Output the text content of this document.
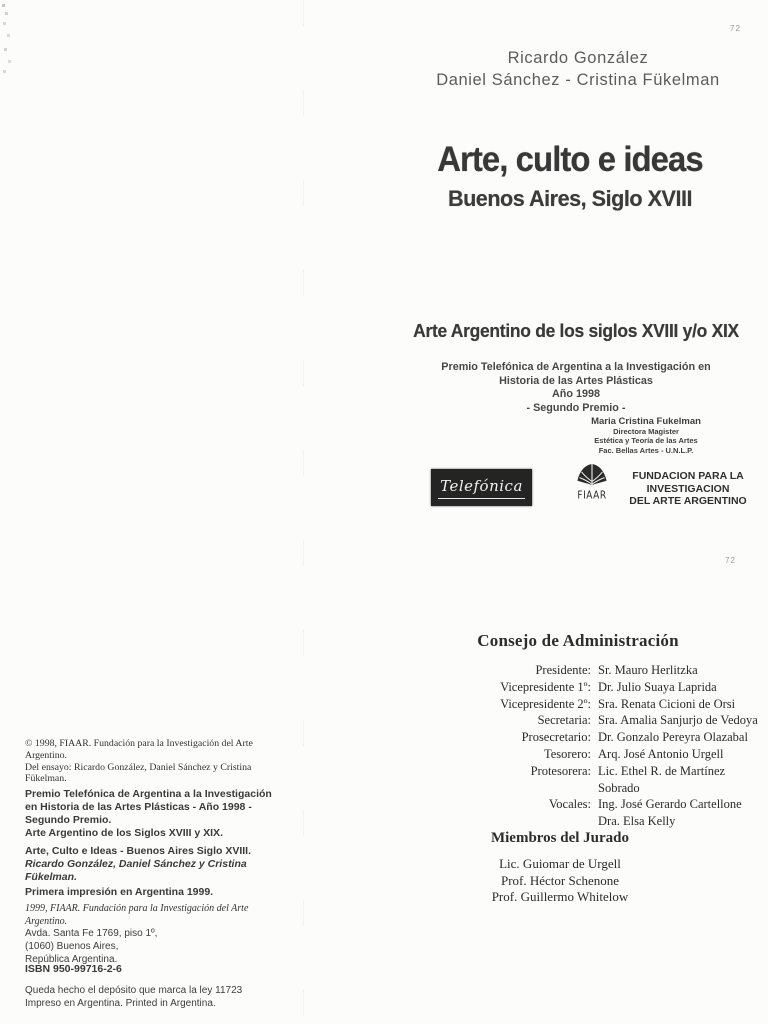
72
72
Ricardo González
Daniel Sánchez - Cristina Fükelman
Arte, culto e ideas
Buenos Aires, Siglo XVIII
Arte Argentino de los siglos XVIII y/o XIX
Premio Telefónica de Argentina a la Investigación en
Historia de las Artes Plásticas
Año 1998
- Segundo Premio -
Maria Cristina Fukelman
Directora Magister
Estética y Teoría de las Artes
Fac. Bellas Artes - U.N.L.P.
Telefónica
FIAAR
FUNDACION PARA LA
INVESTIGACION
DEL ARTE ARGENTINO
Consejo de Administración
Presidente: Sr. Mauro Herlitzka
Vicepresidente 1º: Dr. Julio Suaya Laprida
Vicepresidente 2º: Sra. Renata Cicioni de Orsi
Secretaria: Sra. Amalia Sanjurjo de Vedoya
Prosecretario: Dr. Gonzalo Pereyra Olazabal
Tesorero: Arq. José Antonio Urgell
Protesorera: Lic. Ethel R. de Martínez Sobrado
Vocales: Ing. José Gerardo Cartellone
Dra. Elsa Kelly
Miembros del Jurado
Lic. Guiomar de Urgell
Prof. Héctor Schenone
Prof. Guillermo Whitelow
© 1998, FIAAR. Fundación para la Investigación del Arte Argentino.
Del ensayo: Ricardo González, Daniel Sánchez y Cristina Fükelman.
Premio Telefónica de Argentina a la Investigación
en Historia de las Artes Plásticas - Año 1998 -
Segundo Premio.
Arte Argentino de los Siglos XVIII y XIX.
Arte, Culto e Ideas - Buenos Aires Siglo XVIII.
Ricardo González, Daniel Sánchez y Cristina
Fükelman.
Primera impresión en Argentina 1999.
1999, FIAAR. Fundación para la Investigación del Arte
Argentino.
Avda. Santa Fe 1769, piso 1º,
(1060) Buenos Aires,
República Argentina.
ISBN 950-99716-2-6
Queda hecho el depósito que marca la ley 11723
Impreso en Argentina. Printed in Argentina.
